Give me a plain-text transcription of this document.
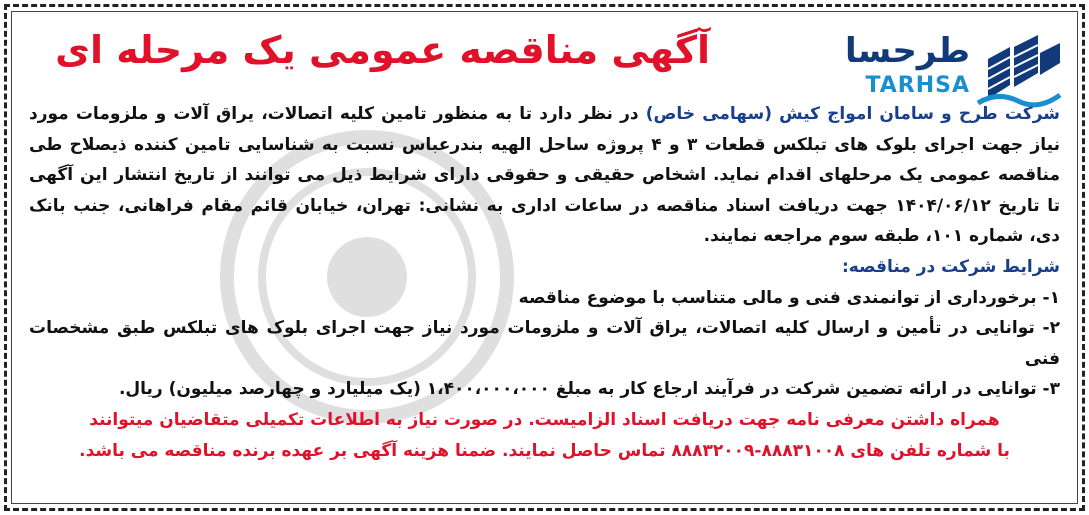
آگهی مناقصه عمومی یک مرحله ای	طرحسا
TARHSA

شرکت طرح و سامان امواج کیش (سهامی خاص) در نظر دارد تا به منظور تامین کلیه اتصالات، یراق آلات و ملزومات مورد نیاز جهت اجرای بلوک های تبلکس قطعات ۳ و ۴ پروژه ساحل الهیه بندرعباس نسبت به شناسایی تامین کننده ذیصلاح طی مناقصه عمومی یک مرحلهای اقدام نماید. اشخاص حقیقی و حقوقی دارای شرایط ذیل می توانند از تاریخ انتشار این آگهی تا تاریخ ۱۴۰۴/۰۶/۱۲ جهت دریافت اسناد مناقصه در ساعات اداری به نشانی: تهران، خیابان قائم مقام فراهانی، جنب بانک دی، شماره ۱۰۱، طبقه سوم مراجعه نمایند.

شرایط شرکت در مناقصه:

۱- برخورداری از توانمندی فنی و مالی متناسب با موضوع مناقصه

۲- توانایی در تأمین و ارسال کلیه اتصالات، یراق آلات و ملزومات مورد نیاز جهت اجرای بلوک های تبلکس طبق مشخصات فنی

۳- توانایی در ارائه تضمین شرکت در فرآیند ارجاع کار به مبلغ ۱،۴۰۰،۰۰۰،۰۰۰ (یک میلیارد و چهارصد میلیون) ریال.

همراه داشتن معرفی نامه جهت دریافت اسناد الزامیست. در صورت نیاز به اطلاعات تکمیلی متقاضیان میتوانند

با شماره تلفن های ۸۸۸۳۱۰۰۸-۸۸۸۳۲۰۰۹ تماس حاصل نمایند. ضمنا هزینه آگهی بر عهده برنده مناقصه می باشد.
